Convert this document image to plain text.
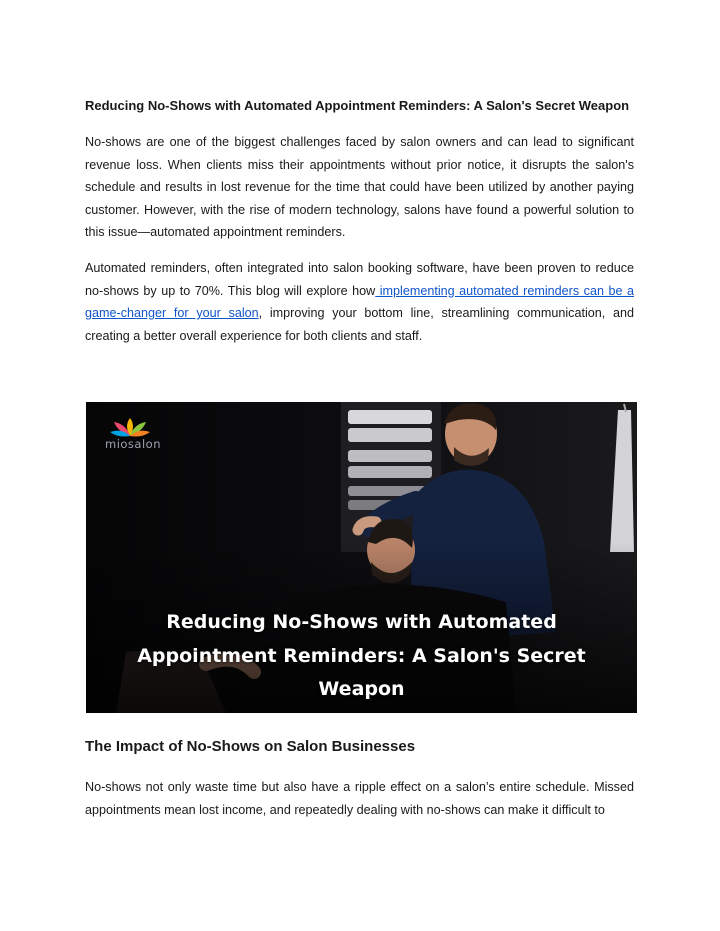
Reducing No-Shows with Automated Appointment Reminders: A Salon's Secret Weapon

No-shows are one of the biggest challenges faced by salon owners and can lead to significant revenue loss. When clients miss their appointments without prior notice, it disrupts the salon's schedule and results in lost revenue for the time that could have been utilized by another paying customer. However, with the rise of modern technology, salons have found a powerful solution to this issue—automated appointment reminders.

Automated reminders, often integrated into salon booking software, have been proven to reduce no-shows by up to 70%. This blog will explore how implementing automated reminders can be a game-changer for your salon, improving your bottom line, streamlining communication, and creating a better overall experience for both clients and staff.

miosalon
Reducing No-Shows with Automated
Appointment Reminders: A Salon's Secret
Weapon
The Impact of No-Shows on Salon Businesses

No-shows not only waste time but also have a ripple effect on a salon’s entire schedule. Missed appointments mean lost income, and repeatedly dealing with no-shows can make it difficult to
